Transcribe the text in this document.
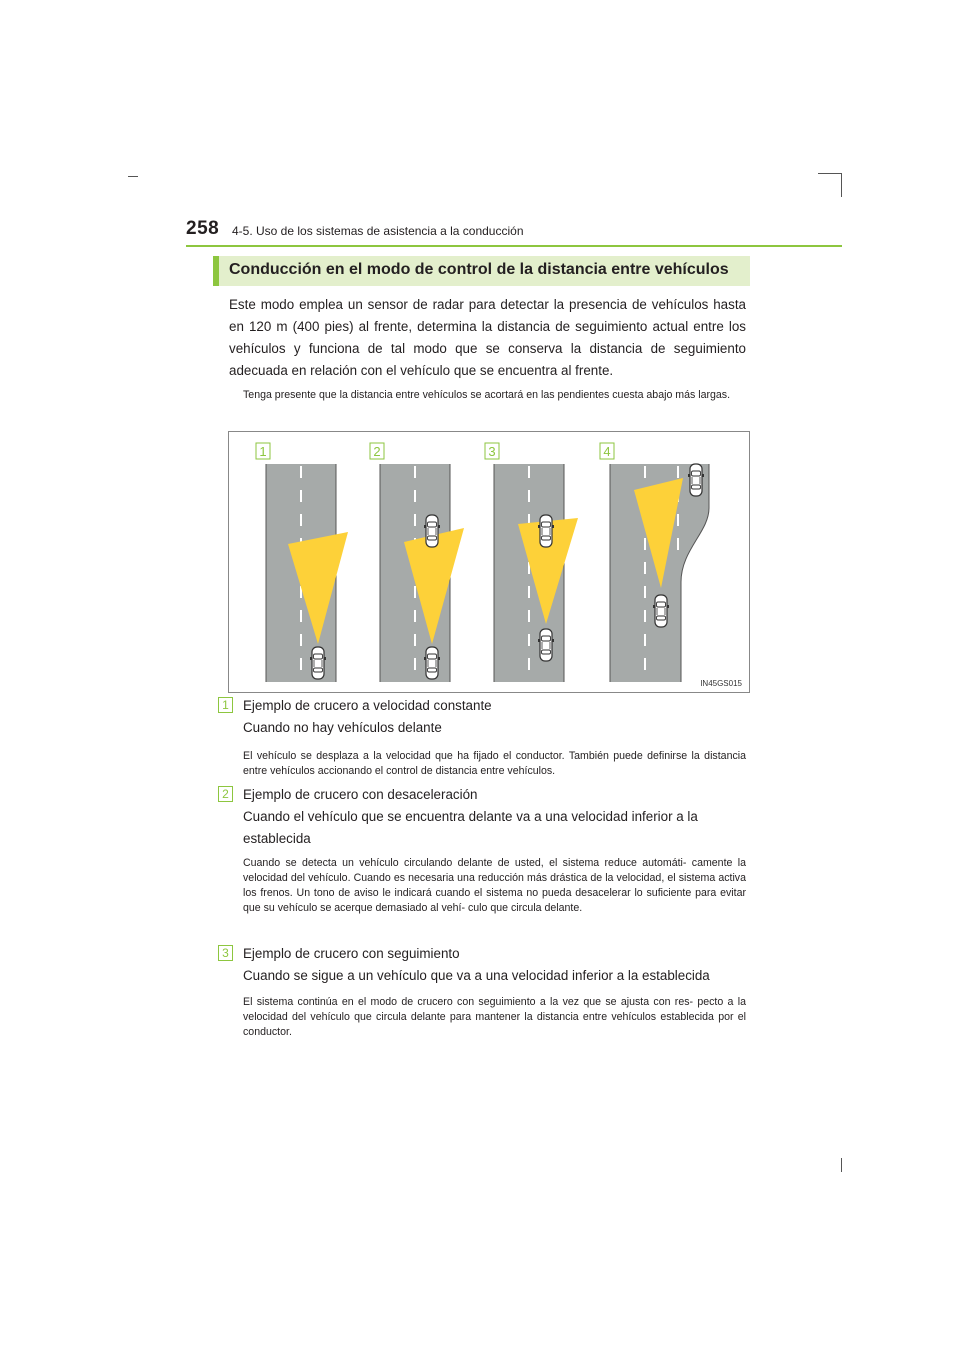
258 4-5. Uso de los sistemas de asistencia a la conducción
Conducción en el modo de control de la distancia entre vehículos
Este modo emplea un sensor de radar para detectar la presencia de vehículos hasta en 120 m (400 pies) al frente, determina la distancia de seguimiento actual entre los vehículos y funciona de tal modo que se conserva la distancia de seguimiento adecuada en relación con el vehículo que se encuentra al frente.
Tenga presente que la distancia entre vehículos se acortará en las pendientes cuesta abajo más largas.
1	2	3	4
IN45GS015
1	Ejemplo de crucero a velocidad constante
Cuando no hay vehículos delante
El vehículo se desplaza a la velocidad que ha fijado el conductor. También puede definirse la distancia entre vehículos accionando el control de distancia entre vehículos.
2	Ejemplo de crucero con desaceleración
Cuando el vehículo que se encuentra delante va a una velocidad inferior a la establecida
Cuando se detecta un vehículo circulando delante de usted, el sistema reduce automáti- camente la velocidad del vehículo. Cuando es necesaria una reducción más drástica de la velocidad, el sistema activa los frenos. Un tono de aviso le indicará cuando el sistema no pueda desacelerar lo suficiente para evitar que su vehículo se acerque demasiado al vehí- culo que circula delante.
3	Ejemplo de crucero con seguimiento
Cuando se sigue a un vehículo que va a una velocidad inferior a la establecida
El sistema continúa en el modo de crucero con seguimiento a la vez que se ajusta con res- pecto a la velocidad del vehículo que circula delante para mantener la distancia entre vehículos establecida por el conductor.
